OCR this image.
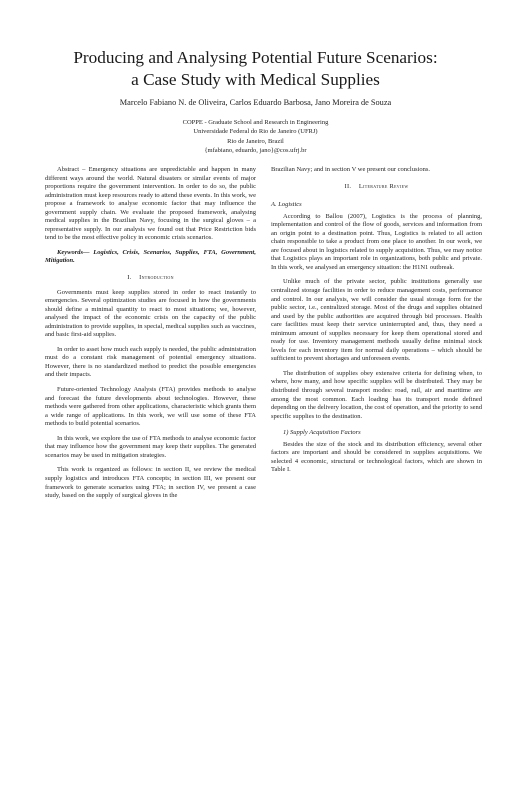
Producing and Analysing Potential Future Scenarios:
a Case Study with Medical Supplies
Marcelo Fabiano N. de Oliveira, Carlos Eduardo Barbosa, Jano Moreira de Souza
COPPE - Graduate School and Research in Engineering
Universidade Federal do Rio de Janeiro (UFRJ)
Rio de Janeiro, Brazil
{mfabiano, eduardo, jano}@cos.ufrj.br

Abstract – Emergency situations are unpredictable and happen in many different ways around the world. Natural disasters or similar events of major proportions require the government intervention. In order to do so, the public administration must keep resources ready to attend these events. In this work, we propose a framework to analyse economic factor that may influence the government supply chain. We evaluate the proposed framework, analysing medical supplies in the Brazilian Navy, focusing in the surgical gloves – a representative supply. In our analysis we found out that Price Restriction bids tend to be the most effective policy in economic crisis scenarios.

Keywords— Logistics, Crisis, Scenarios, Supplies, FTA, Government, Mitigation.

I. Introduction

Governments must keep supplies stored in order to react instantly to emergencies. Several optimization studies are focused in how the governments should define a minimal quantity to react to most situations; we, however, analysed the impact of the economic crisis on the capacity of the public administration to provide supplies, in special, medical supplies such as vaccines, and basic first-aid supplies.

In order to asset how much each supply is needed, the public administration must do a constant risk management of potential emergency situations. However, there is no standardized method to predict the possible emergencies and their impacts.

Future-oriented Technology Analysis (FTA) provides methods to analyse and forecast the future developments about technologies. However, these methods were gathered from other applications, characteristic which grants them a wide range of applications. In this work, we will use some of these FTA methods to build potential scenarios.

In this work, we explore the use of FTA methods to analyse economic factor that may influence how the government may keep their supplies. The generated scenarios may be used in mitigation strategies.

This work is organized as follows: in section II, we review the medical supply logistics and introduces FTA concepts; in section III, we present our framework to generate scenarios using FTA; in section IV, we present a case study, based on the supply of surgical gloves in the

Brazilian Navy; and in section V we present our conclusions.

II. Literature Review
A. Logistics

According to Ballou (2007), Logistics is the process of planning, implementation and control of the flow of goods, services and information from an origin point to a destination point. Thus, Logistics is related to all action chain responsible to take a product from one place to another. In our work, we are focused about in logistics related to supply acquisition. Thus, we may notice that Logistics plays an important role in organizations, both public and private. In this work, we analysed an emergency situation: the H1N1 outbreak.

Unlike much of the private sector, public institutions generally use centralized storage facilities in order to reduce management costs, performance and control. In our analysis, we will consider the usual storage form for the public sector, i.e., centralized storage. Most of the drugs and supplies obtained and used by the public authorities are acquired through bid processes. Health care facilities must keep their service uninterrupted and, thus, they need a minimum amount of supplies necessary for keep them operational stored and ready for use. Inventory management methods usually define minimal stock levels for each inventory item for normal daily operations – which should be sufficient to prevent shortages and unforeseen events.

The distribution of supplies obey extensive criteria for defining when, to where, how many, and how specific supplies will be distributed. They may be distributed through several transport modes: road, rail, air and maritime are among the most common. Each loading has its transport mode defined depending on the delivery location, the cost of operation, and the priority to send specific supplies to the destination.

1) Supply Acquisition Factors

Besides the size of the stock and its distribution efficiency, several other factors are important and should be considered in supplies acquisitions. We selected 4 economic, structural or technological factors, which are shown in Table I.
